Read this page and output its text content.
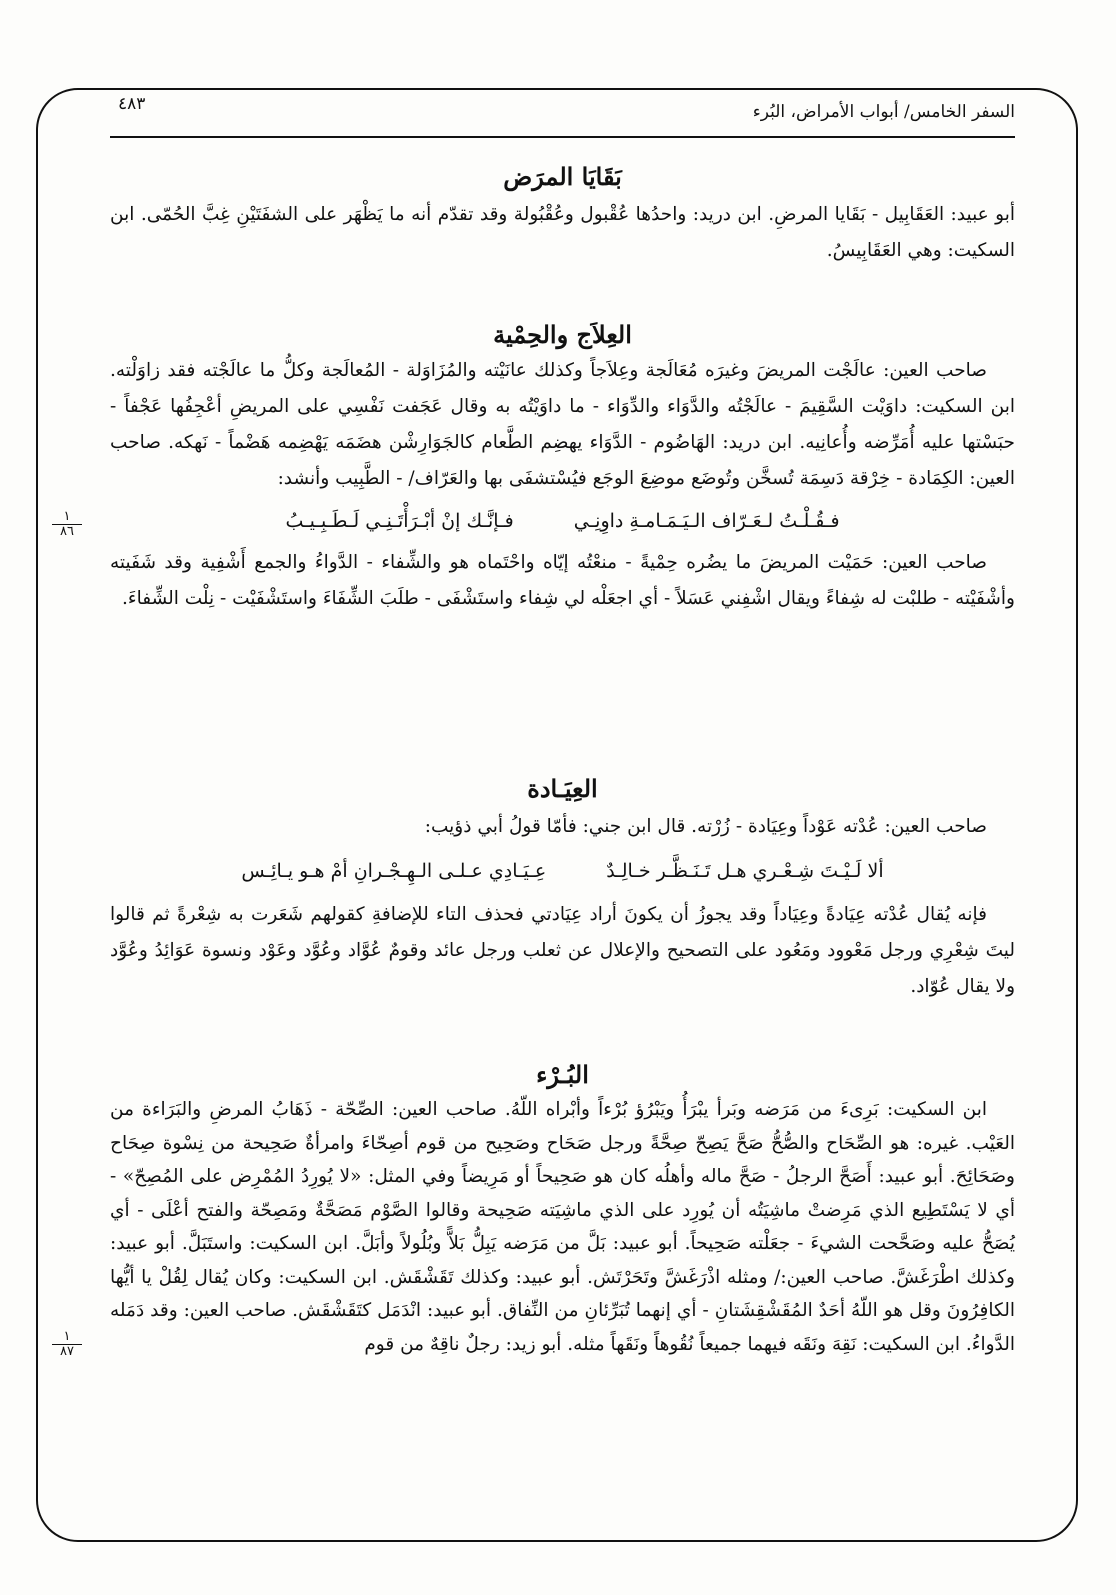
السفر الخامس/ أبواب الأمراض، البُرء
٤٨٣
بَقَايَا المرَض

أبو عبيد: العَقَابِيل - بَقَايا المرضِ. ابن دريد: واحدُها عُقْبول وعُقْبُولة وقد تقدّم أنه ما يَظْهَر على الشفَتَيْنِ غِبَّ الحُمّى. ابن السكيت: وهي العَقَابِيسُ.

العِلاَج والحِمْية

صاحب العين: عالَجْت المريضَ وغيرَه مُعَالَجة وعِلاَجاً وكذلك عانَيْته والمُزَاوَلة - المُعالَجة وكلُّ ما عالَجْته فقد زاوَلْته. ابن السكيت: داوَيْت السَّقِيمَ - عالَجْتُه والدَّوَاء والدِّوَاء - ما داوَيْتُه به وقال عَجَفت نَفْسِي على المريضِ أعْجِفُها عَجْفاً - حبَسْتها عليه أُمَرِّضه وأُعانِيه. ابن دريد: الهَاضُوم - الدَّوَاء يهضِم الطَّعام كالجَوَارِشْن هضَمَه يَهْضِمه هَضْماً - نَهكه. صاحب العين: الكِمَادة - خِرْقة دَسِمَة تُسخَّن وتُوضَع موضِعَ الوجَع فيُسْتشفَى بها والعَرّاف/ - الطَّبِيب وأنشد:

فـقُـلْـتُ لـعَـرّاف الـيَـمَـامـةِ داوِنِـي
فـإنَّـك إنْ أبْـرَأْتَـنِـي لَـطَـبِـيـبُ

صاحب العين: حَمَيْت المريضَ ما يضُره حِمْيةً - منعْتُه إيّاه واحْتَماه هو والشِّفاء - الدَّواءُ والجمع أَشْفِية وقد شَفَيته وأشْفَيْته - طلبْت له شِفاءً ويقال اشْفِني عَسَلاً - أي اجعَلْه لي شِفاء واستَشْفَى - طلَبَ الشِّفَاءَ واستَشْفَيْت - نِلْت الشِّفاءَ.

العِيَـادة

صاحب العين: عُدْته عَوْداً وعِيَادة - زُرْته. قال ابن جني: فأمّا قولُ أبي ذؤيب:

ألا لَـيْـتَ شِـعْـري هـل تَـنَـظَّـر خـالِـدٌ
عِـيَـادِي عـلـى الـهِـجْـرانِ أمْ هـو يـائِـس

فإنه يُقال عُدْته عِيَادةً وعِيَاداً وقد يجوزُ أن يكونَ أراد عِيَادتي فحذف التاء للإضافةِ كقولهم شَعَرت به شِعْرةً ثم قالوا ليتَ شِعْرِي ورجل مَعْوود ومَعُود على التصحيح والإعلال عن ثعلب ورجل عائد وقومٌ عُوَّاد وعُوَّد وعَوْد ونسوة عَوَائِدُ وعُوَّد ولا يقال عُوّاد.

البُـرْء

ابن السكيت: بَرِىءَ من مَرَضه وبَرأ يبْرَأُ ويَبْرُؤ بُرْءاً وأبْراه اللّهُ. صاحب العين: الصِّحّة - ذَهَابُ المرضِ والبَرَاءة من العَيْب. غيره: هو الصِّحَاح والصُّحُّ صَحَّ يَصِحّ صِحَّةً ورجل صَحَاح وصَحِيح من قوم أصِحّاءَ وامرأةٌ صَحِيحة من نِسْوة صِحَاح وصَحَائِحَ. أبو عبيد: أَصَحَّ الرجلُ - صَحَّ ماله وأهلُه كان هو صَحِيحاً أو مَرِيضاً وفي المثل: «لا يُورِدُ المُمْرِض على المُصِحّ» - أي لا يَسْتَطِيع الذي مَرِضتْ ماشِيَتُه أن يُورِد على الذي ماشِيَته صَحِيحة وقالوا الصَّوْم مَصَحَّةٌ ومَصِحّة والفتح أعْلَى - أي يُصَحُّ عليه وصَحَّحت الشيءَ - جعَلْته صَحِيحاً. أبو عبيد: بَلَّ من مَرَضه يَبِلُّ بَلاًّ وبُلُولاً وأبَلَّ. ابن السكيت: واستَبَلَّ. أبو عبيد: وكذلك اطْرَغَشَّ. صاحب العين:/ ومثله اذْرَغَشَّ وتَحَرْتَش. أبو عبيد: وكذلك تَقَشْقَش. ابن السكيت: وكان يُقال لِقُلْ يا أيُّها الكافِرُونَ وقل هو اللّهُ أحَدٌ المُقَشْقِشَتانِ - أي إنهما تُبَرِّئانِ من النِّفاق. أبو عبيد: انْدَمَل كتَقَشْقَش. صاحب العين: وقد دَمَله الدَّواءُ. ابن السكيت: نَقِهَ ونَقَه فيهما جميعاً نُقُوهاً ونَقَهاً مثله. أبو زيد: رجلٌ ناقِهٌ من قوم

١
٨٦
١
٨٧
